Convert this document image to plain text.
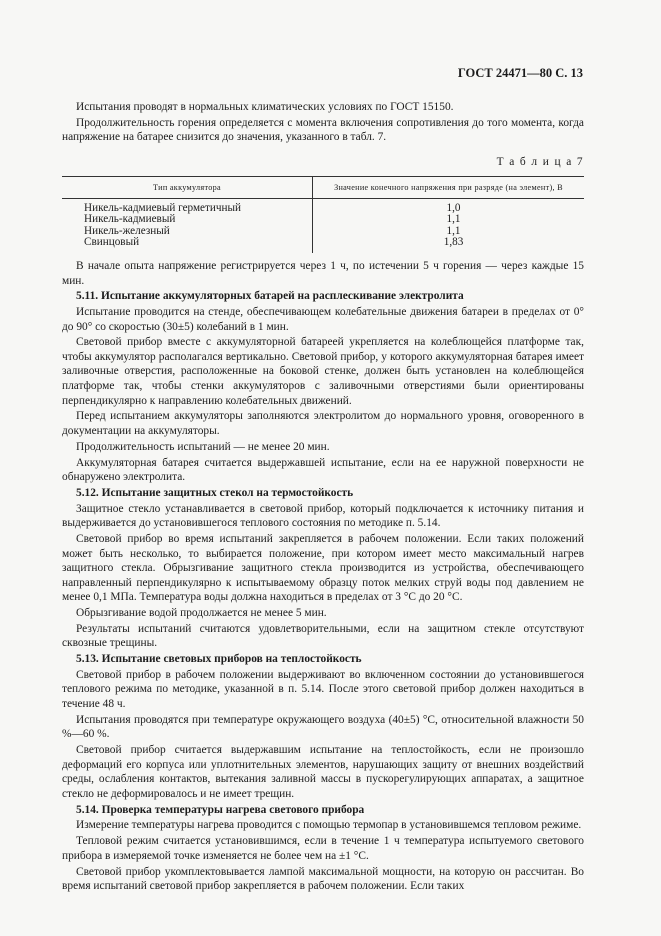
ГОСТ 24471—80 С. 13

Испытания проводят в нормальных климатических условиях по ГОСТ 15150.

Продолжительность горения определяется с момента включения сопротивления до того момента, когда напряжение на батарее снизится до значения, указанного в табл. 7.

Т а б л и ц а 7
Тип аккумулятора	Значение конечного напряжения при разряде (на элемент), В
Никель-кадмиевый герметичный	1,0
Никель-кадмиевый	1,1
Никель-железный	1,1
Свинцовый	1,83

В начале опыта напряжение регистрируется через 1 ч, по истечении 5 ч горения — через каждые 15 мин.

5.11. Испытание аккумуляторных батарей на расплескивание электролита

Испытание проводится на стенде, обеспечивающем колебательные движения батареи в пределах от 0° до 90° со скоростью (30±5) колебаний в 1 мин.

Световой прибор вместе с аккумуляторной батареей укрепляется на колеблющейся платформе так, чтобы аккумулятор располагался вертикально. Световой прибор, у которого аккумуляторная батарея имеет заливочные отверстия, расположенные на боковой стенке, должен быть установлен на колеблющейся платформе так, чтобы стенки аккумуляторов с заливочными отверстиями были ориентированы перпендикулярно к направлению колебательных движений.

Перед испытанием аккумуляторы заполняются электролитом до нормального уровня, оговоренного в документации на аккумуляторы.

Продолжительность испытаний — не менее 20 мин.

Аккумуляторная батарея считается выдержавшей испытание, если на ее наружной поверхности не обнаружено электролита.

5.12. Испытание защитных стекол на термостойкость

Защитное стекло устанавливается в световой прибор, который подключается к источнику питания и выдерживается до установившегося теплового состояния по методике п. 5.14.

Световой прибор во время испытаний закрепляется в рабочем положении. Если таких положений может быть несколько, то выбирается положение, при котором имеет место максимальный нагрев защитного стекла. Обрызгивание защитного стекла производится из устройства, обеспечивающего направленный перпендикулярно к испытываемому образцу поток мелких струй воды под давлением не менее 0,1 МПа. Температура воды должна находиться в пределах от 3 °С до 20 °С.

Обрызгивание водой продолжается не менее 5 мин.

Результаты испытаний считаются удовлетворительными, если на защитном стекле отсутствуют сквозные трещины.

5.13. Испытание световых приборов на теплостойкость

Световой прибор в рабочем положении выдерживают во включенном состоянии до установившегося теплового режима по методике, указанной в п. 5.14. После этого световой прибор должен находиться в течение 48 ч.

Испытания проводятся при температуре окружающего воздуха (40±5) °С, относительной влажности 50 %—60 %.

Световой прибор считается выдержавшим испытание на теплостойкость, если не произошло деформаций его корпуса или уплотнительных элементов, нарушающих защиту от внешних воздействий среды, ослабления контактов, вытекания заливной массы в пускорегулирующих аппаратах, а защитное стекло не деформировалось и не имеет трещин.

5.14. Проверка температуры нагрева светового прибора

Измерение температуры нагрева проводится с помощью термопар в установившемся тепловом режиме.

Тепловой режим считается установившимся, если в течение 1 ч температура испытуемого светового прибора в измеряемой точке изменяется не более чем на ±1 °С.

Световой прибор укомплектовывается лампой максимальной мощности, на которую он рассчитан. Во время испытаний световой прибор закрепляется в рабочем положении. Если таких
